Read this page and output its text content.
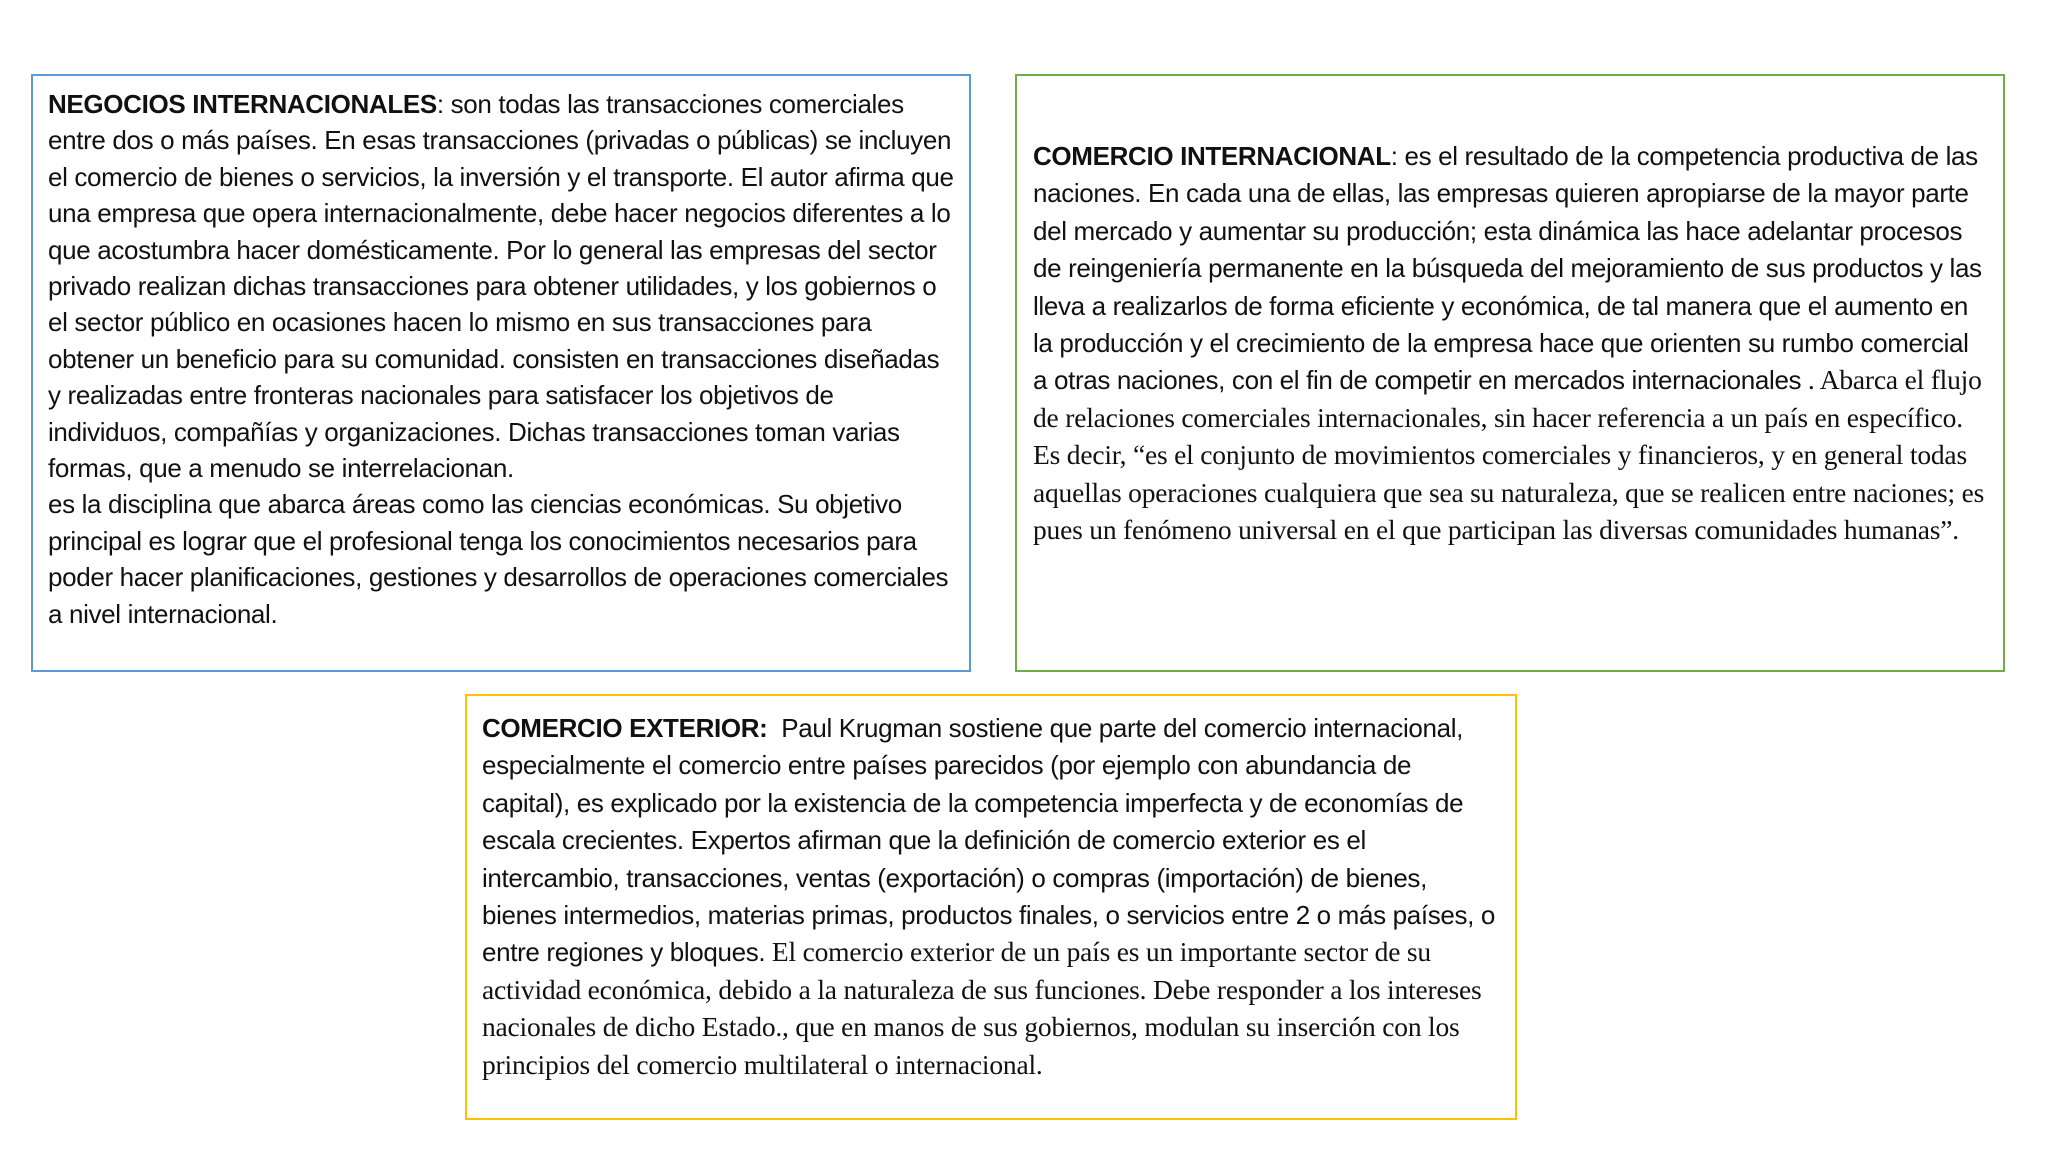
NEGOCIOS INTERNACIONALES: son todas las transacciones comerciales entre dos o más países. En esas transacciones (privadas o públicas) se incluyen el comercio de bienes o servicios, la inversión y el transporte. El autor afirma que una empresa que opera internacionalmente, debe hacer negocios diferentes a lo que acostumbra hacer domésticamente. Por lo general las empresas del sector privado realizan dichas transacciones para obtener utilidades, y los gobiernos o el sector público en ocasiones hacen lo mismo en sus transacciones para obtener un beneficio para su comunidad. consisten en transacciones diseñadas y realizadas entre fronteras nacionales para satisfacer los objetivos de individuos, compañías y organizaciones. Dichas transacciones toman varias formas, que a menudo se interrelacionan.

es la disciplina que abarca áreas como las ciencias económicas. Su objetivo principal es lograr que el profesional tenga los conocimientos necesarios para poder hacer planificaciones, gestiones y desarrollos de operaciones comerciales a nivel internacional.

COMERCIO INTERNACIONAL: es el resultado de la competencia productiva de las naciones. En cada una de ellas, las empresas quieren apropiarse de la mayor parte del mercado y aumentar su producción; esta dinámica las hace adelantar procesos de reingeniería permanente en la búsqueda del mejoramiento de sus productos y las lleva a realizarlos de forma eficiente y económica, de tal manera que el aumento en la producción y el crecimiento de la empresa hace que orienten su rumbo comercial a otras naciones, con el fin de competir en mercados internacionales . Abarca el flujo de relaciones comerciales internacionales, sin hacer referencia a un país en específico. Es decir, “es el conjunto de movimientos comerciales y financieros, y en general todas aquellas operaciones cualquiera que sea su naturaleza, que se realicen entre naciones; es pues un fenómeno universal en el que participan las diversas comunidades humanas”.

COMERCIO EXTERIOR:  Paul Krugman sostiene que parte del comercio internacional, especialmente el comercio entre países parecidos (por ejemplo con abundancia de capital), es explicado por la existencia de la competencia imperfecta y de economías de escala crecientes. Expertos afirman que la definición de comercio exterior es el intercambio, transacciones, ventas (exportación) o compras (importación) de bienes, bienes intermedios, materias primas, productos finales, o servicios entre 2 o más países, o entre regiones y bloques. El comercio exterior de un país es un importante sector de su actividad económica, debido a la naturaleza de sus funciones. Debe responder a los intereses nacionales de dicho Estado., que en manos de sus gobiernos, modulan su inserción con los principios del comercio multilateral o internacional.
